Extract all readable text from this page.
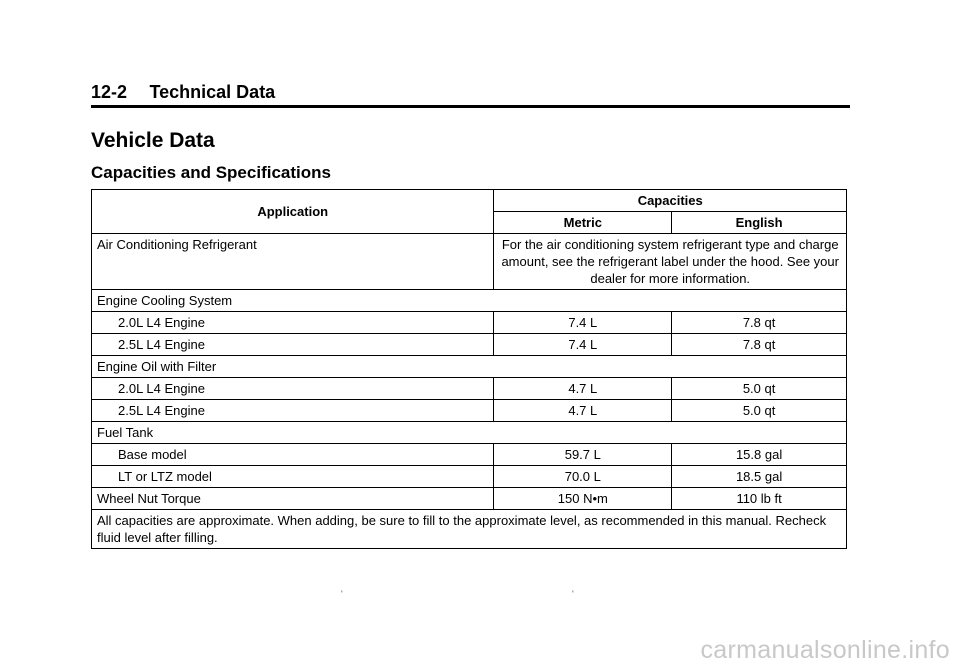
12-2 Technical Data
Vehicle Data
Capacities and Specifications
Application	Capacities	
	Metric	English
Air Conditioning Refrigerant	For the air conditioning system refrigerant type and charge amount, see the refrigerant label under the hood. See your dealer for more information.	
Engine Cooling System		
2.0L L4 Engine	7.4 L	7.8 qt
2.5L L4 Engine	7.4 L	7.8 qt
Engine Oil with Filter		
2.0L L4 Engine	4.7 L	5.0 qt
2.5L L4 Engine	4.7 L	5.0 qt
Fuel Tank		
Base model	59.7 L	15.8 gal
LT or LTZ model	70.0 L	18.5 gal
Wheel Nut Torque	150 N•m	110 lb ft
All capacities are approximate. When adding, be sure to fill to the approximate level, as recommended in this manual. Recheck fluid level after filling.		
'	'
carmanualsonline.info
